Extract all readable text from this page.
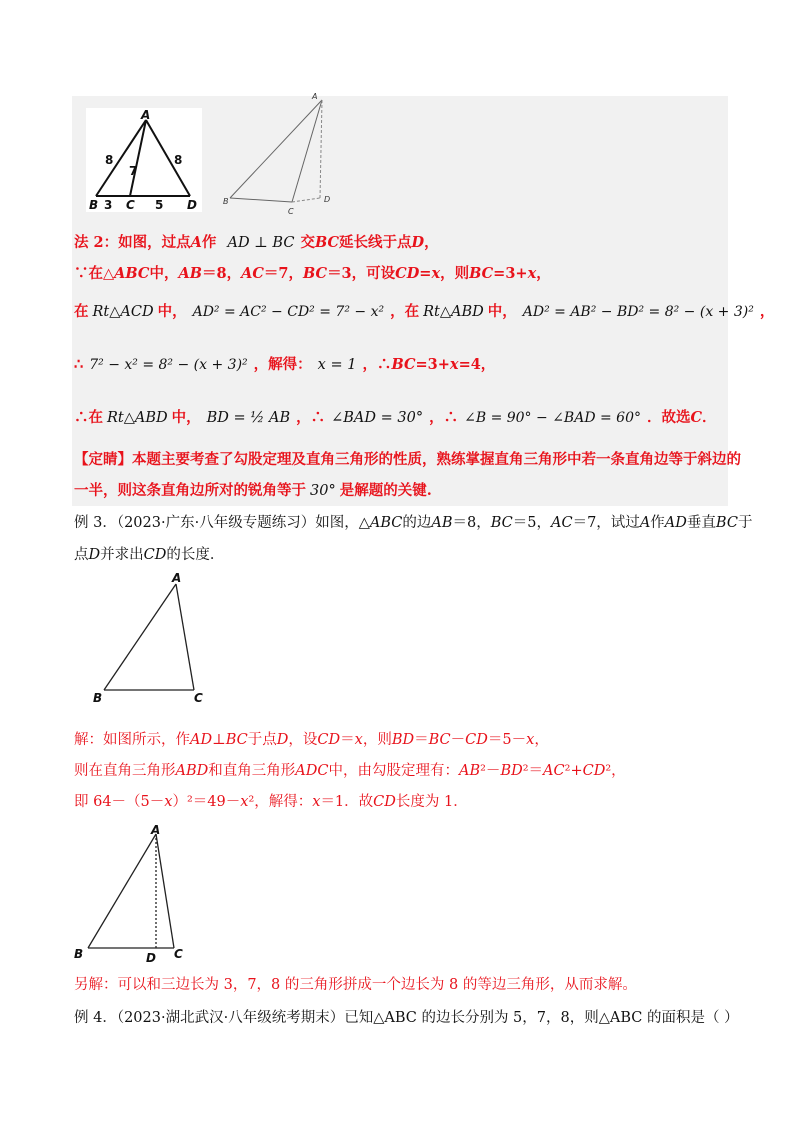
A
8
7
8
B 3 C 5 D
A
B
C
D
法 2：如图，过点A作 AD ⊥ BC 交BC延长线于点D，
∵在△ABC中，AB＝8，AC＝7，BC＝3，可设CD=x，则BC=3+x，
在 Rt△ACD 中， AD² = AC² − CD² = 7² − x² ，在 Rt△ABD 中， AD² = AB² − BD² = 8² − (x + 3)² ，
∴ 7² − x² = 8² − (x + 3)² ，解得： x = 1 ，∴BC=3+x=4，
∴在 Rt△ABD 中， BD = ½ AB ，∴ ∠BAD = 30° ，∴ ∠B = 90° − ∠BAD = 60° ．故选C．
【定睛】本题主要考查了勾股定理及直角三角形的性质，熟练掌握直角三角形中若一条直角边等于斜边的
一半，则这条直角边所对的锐角等于 30° 是解题的关键.
例 3．（2023·广东·八年级专题练习）如图，△ABC的边AB＝8，BC＝5，AC＝7，试过A作AD垂直BC于
点D并求出CD的长度．
A
B	C
解：如图所示，作AD⊥BC于点D，设CD＝x，则BD＝BC－CD＝5－x，
则在直角三角形ABD和直角三角形ADC中，由勾股定理有：AB²－BD²＝AC²+CD²，
即 64－（5－x）²＝49－x²，解得：x＝1．故CD长度为 1．
A
B	D C
另解：可以和三边长为 3，7，8 的三角形拼成一个边长为 8 的等边三角形，从而求解。
例 4．（2023·湖北武汉·八年级统考期末）已知△ABC 的边长分别为 5，7，8，则△ABC 的面积是（ ）
